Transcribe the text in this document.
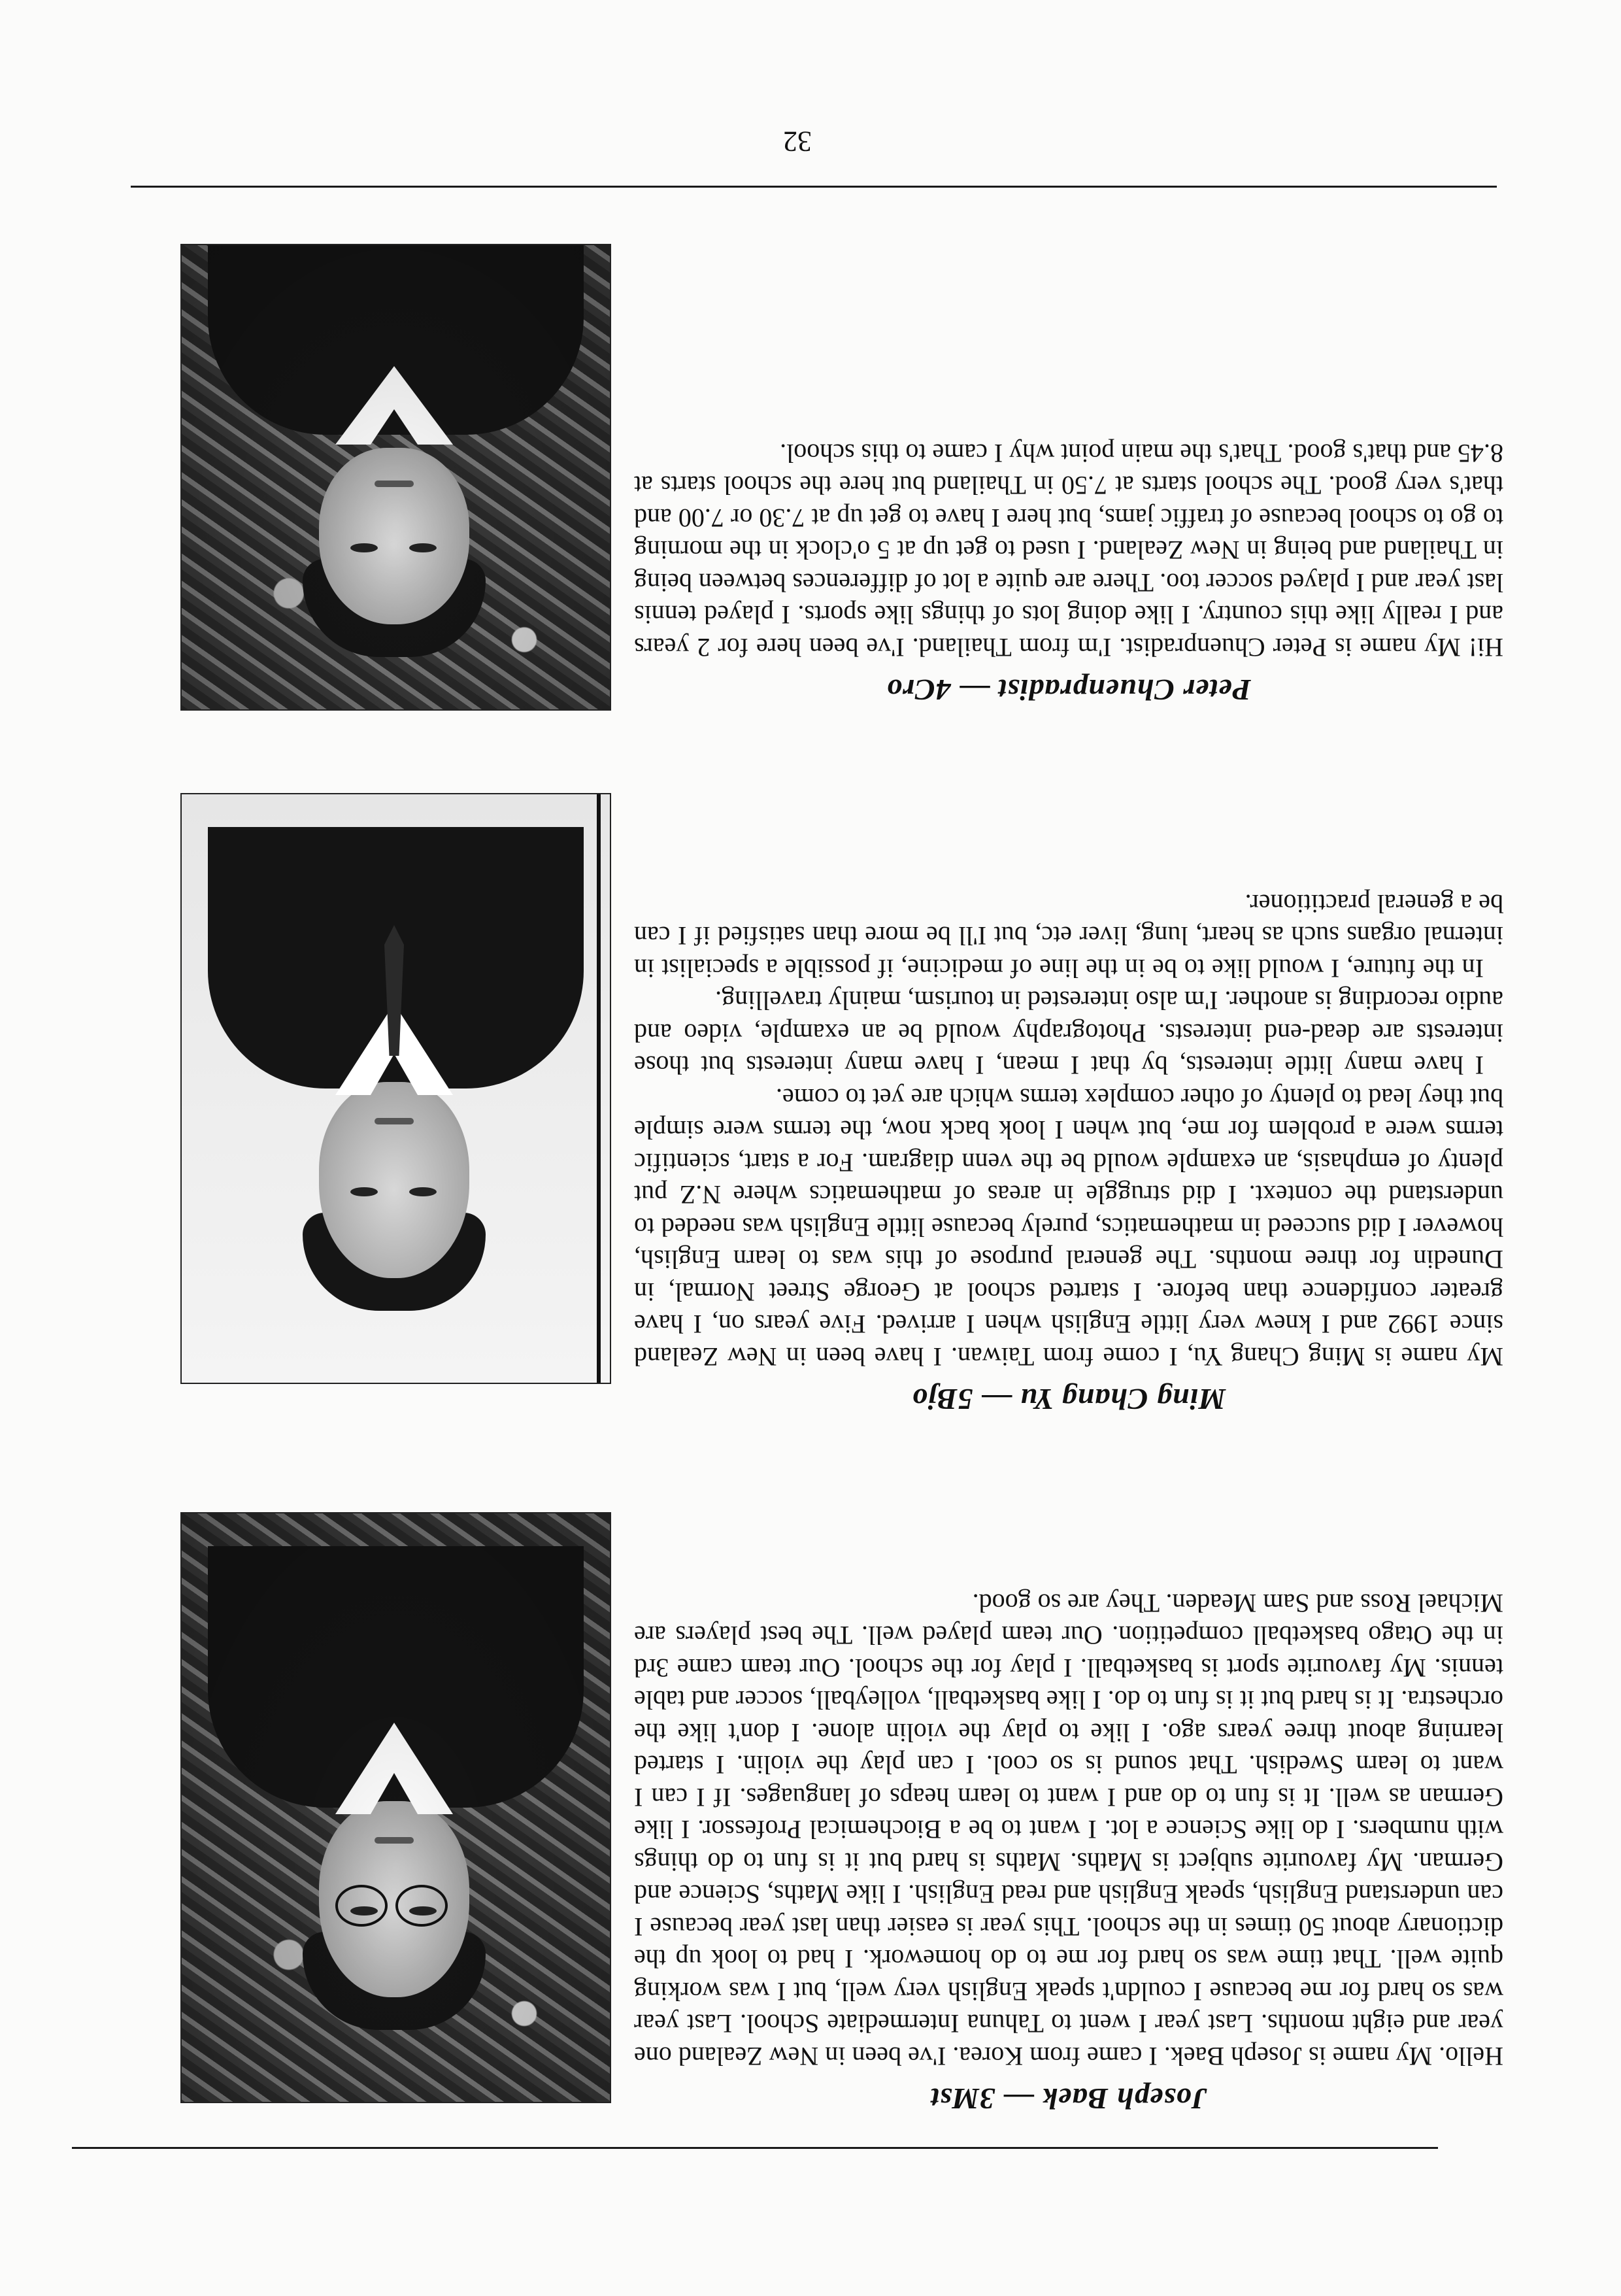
Joseph Baek — 3Mst

Hello. My name is Joseph Baek. I came from Korea. I've been in New Zealand one year and eight months. Last year I went to Tahuna Intermediate School. Last year was so hard for me because I couldn't speak English very well, but I was working quite well. That time was so hard for me to do homework. I had to look up the dictionary about 50 times in the school. This year is easier than last year because I can understand English, speak English and read English. I like Maths, Science and German. My favourite subject is Maths. Maths is hard but it is fun to do things with numbers. I do like Science a lot. I want to be a Biochemical Professor. I like German as well. It is fun to do and I want to learn heaps of languages. If I can I want to learn Swedish. That sound is so cool. I can play the violin. I started learning about three years ago. I like to play the violin alone. I don't like the orchestra. It is hard but it is fun to do. I like basketball, volleyball, soccer and table tennis. My favourite sport is basketball. I play for the school. Our team came 3rd in the Otago basketball competition. Our team played well. The best players are Michael Ross and Sam Meaden. They are so good.

Ming Chang Yu — 5Bjo

My name is Ming Chang Yu, I come from Taiwan. I have been in New Zealand since 1992 and I knew very little English when I arrived. Five years on, I have greater confidence than before. I started school at George Street Normal, in Dunedin for three months. The general purpose of this was to learn English, however I did succeed in mathematics, purely because little English was needed to understand the context. I did struggle in areas of mathematics where N.Z put plenty of emphasis, an example would be the venn diagram. For a start, scientific terms were a problem for me, but when I look back now, the terms were simple but they lead to plenty of other complex terms which are yet to come.

I have many little interests, by that I mean, I have many interests but those interests are dead-end interests. Photography would be an example, video and audio recording is another. I'm also interested in tourism, mainly travelling.

In the future, I would like to be in the line of medicine, if possible a specialist in internal organs such as heart, lung, liver etc, but I'll be more than satisfied if I can be a general practitioner.

Peter Chuenpradist — 4Cro

Hi! My name is Peter Chuenpradist. I'm from Thailand. I've been here for 2 years and I really like this country. I like doing lots of things like sports. I played tennis last year and I played soccer too. There are quite a lot of differences between being in Thailand and being in New Zealand. I used to get up at 5 o'clock in the morning to go to school because of traffic jams, but here I have to get up at 7.30 or 7.00 and that's very good. The school starts at 7.50 in Thailand but here the school starts at 8.45 and that's good. That's the main point why I came to this school.

32
